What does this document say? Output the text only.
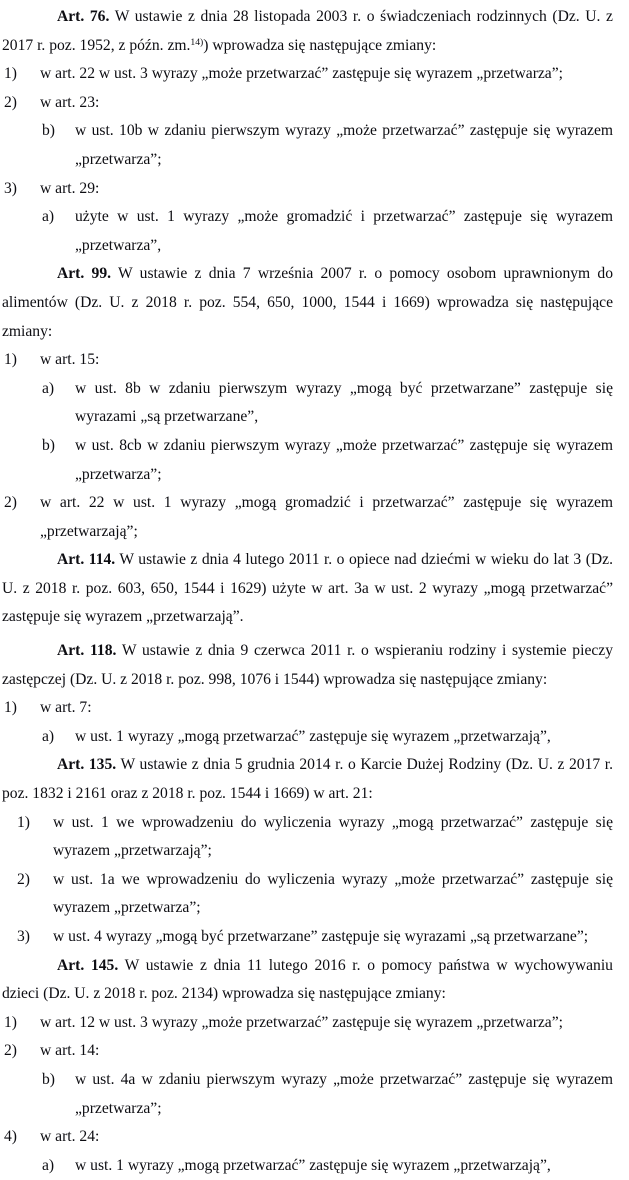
Art. 76. W ustawie z dnia 28 listopada 2003 r. o świadczeniach rodzinnych (Dz. U. z 2017 r. poz. 1952, z późn. zm.$^{14)}$) wprowadza się następujące zmiany:
1) w art. 22 w ust. 3 wyrazy „może przetwarzać” zastępuje się wyrazem „przetwarza”;
2) w art. 23:
b) w ust. 10b w zdaniu pierwszym wyrazy „może przetwarzać” zastępuje się wyrazem „przetwarza”;
3) w art. 29:
a) użyte w ust. 1 wyrazy „może gromadzić i przetwarzać” zastępuje się wyrazem „przetwarza”,
Art. 99. W ustawie z dnia 7 września 2007 r. o pomocy osobom uprawnionym do alimentów (Dz. U. z 2018 r. poz. 554, 650, 1000, 1544 i 1669) wprowadza się następujące zmiany:
1) w art. 15:
a) w ust. 8b w zdaniu pierwszym wyrazy „mogą być przetwarzane” zastępuje się wyrazami „są przetwarzane”,
b) w ust. 8cb w zdaniu pierwszym wyrazy „może przetwarzać” zastępuje się wyrazem „przetwarza”;
2) w art. 22 w ust. 1 wyrazy „mogą gromadzić i przetwarzać” zastępuje się wyrazem „przetwarzają”;
Art. 114. W ustawie z dnia 4 lutego 2011 r. o opiece nad dziećmi w wieku do lat 3 (Dz. U. z 2018 r. poz. 603, 650, 1544 i 1629) użyte w art. 3a w ust. 2 wyrazy „mogą przetwarzać” zastępuje się wyrazem „przetwarzają”.
Art. 118. W ustawie z dnia 9 czerwca 2011 r. o wspieraniu rodziny i systemie pieczy zastępczej (Dz. U. z 2018 r. poz. 998, 1076 i 1544) wprowadza się następujące zmiany:
1) w art. 7:
a) w ust. 1 wyrazy „mogą przetwarzać” zastępuje się wyrazem „przetwarzają”,
Art. 135. W ustawie z dnia 5 grudnia 2014 r. o Karcie Dużej Rodziny (Dz. U. z 2017 r. poz. 1832 i 2161 oraz z 2018 r. poz. 1544 i 1669) w art. 21:
1) w ust. 1 we wprowadzeniu do wyliczenia wyrazy „mogą przetwarzać” zastępuje się wyrazem „przetwarzają”;
2) w ust. 1a we wprowadzeniu do wyliczenia wyrazy „może przetwarzać” zastępuje się wyrazem „przetwarza”;
3) w ust. 4 wyrazy „mogą być przetwarzane” zastępuje się wyrazami „są przetwarzane”;
Art. 145. W ustawie z dnia 11 lutego 2016 r. o pomocy państwa w wychowywaniu dzieci (Dz. U. z 2018 r. poz. 2134) wprowadza się następujące zmiany:
1) w art. 12 w ust. 3 wyrazy „może przetwarzać” zastępuje się wyrazem „przetwarza”;
2) w art. 14:
b) w ust. 4a w zdaniu pierwszym wyrazy „może przetwarzać” zastępuje się wyrazem „przetwarza”;
4) w art. 24:
a) w ust. 1 wyrazy „mogą przetwarzać” zastępuje się wyrazem „przetwarzają”,
